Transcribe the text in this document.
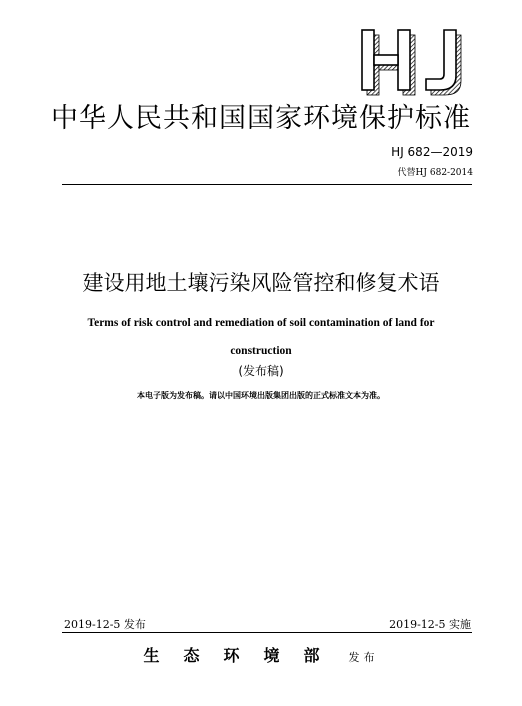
HJ
中华人民共和国国家环境保护标准
HJ 682—2019
代替HJ 682-2014
建设用地土壤污染风险管控和修复术语
Terms of risk control and remediation of soil contamination of land for construction
(发布稿)
本电子版为发布稿。请以中国环境出版集团出版的正式标准文本为准。
2019-12-5 发布	2019-12-5 实施
生态环境部 发布
